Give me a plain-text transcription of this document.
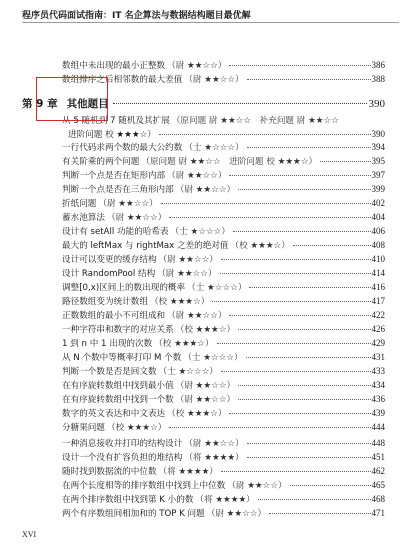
程序员代码面试指南：IT 名企算法与数据结构题目最优解
数组中未出现的最小正整数 （尉 ★★☆☆）	386
数组排序之后相邻数的最大差值 （尉 ★★☆☆）	388
第 9 章 其他题目	390
从 5 随机到 7 随机及其扩展 （原问题 尉 ★★☆☆　补充问题 尉 ★★☆☆
进阶问题 校 ★★★☆）	390
一行代码求两个数的最大公约数 （士 ★☆☆☆）	394
有关阶乘的两个问题 （原问题 尉 ★★☆☆　进阶问题 校 ★★★☆）	395
判断一个点是否在矩形内部 （尉 ★★☆☆）	397
判断一个点是否在三角形内部 （尉 ★★☆☆）	399
折纸问题 （尉 ★★☆☆）	402
蓄水池算法 （尉 ★★☆☆）	404
设计有 setAll 功能的哈希表 （士 ★☆☆☆）	406
最大的 leftMax 与 rightMax 之差的绝对值 （校 ★★★☆）	408
设计可以变更的缓存结构 （尉 ★★☆☆）	410
设计 RandomPool 结构 （尉 ★★☆☆）	414
调整[0,x)区间上的数出现的概率 （士 ★☆☆☆）	416
路径数组变为统计数组 （校 ★★★☆）	417
正数数组的最小不可组成和 （尉 ★★☆☆）	422
一种字符串和数字的对应关系 （校 ★★★☆）	426
1 到 n 中 1 出现的次数 （校 ★★★☆）	429
从 N 个数中等概率打印 M 个数 （士 ★☆☆☆）	431
判断一个数是否是回文数 （士 ★☆☆☆）	433
在有序旋转数组中找到最小值 （尉 ★★☆☆）	434
在有序旋转数组中找到一个数 （尉 ★★☆☆）	436
数字的英文表达和中文表达 （校 ★★★☆）	439
分糖果问题 （校 ★★★☆）	444
一种消息接收并打印的结构设计 （尉 ★★☆☆）	448
设计一个没有扩容负担的堆结构 （将 ★★★★）	451
随时找到数据流的中位数 （将 ★★★★）	462
在两个长度相等的排序数组中找到上中位数 （尉 ★★☆☆）	465
在两个排序数组中找到第 K 小的数 （将 ★★★★）	468
两个有序数组间相加和的 TOP K 问题 （尉 ★★☆☆）	471
XVI
